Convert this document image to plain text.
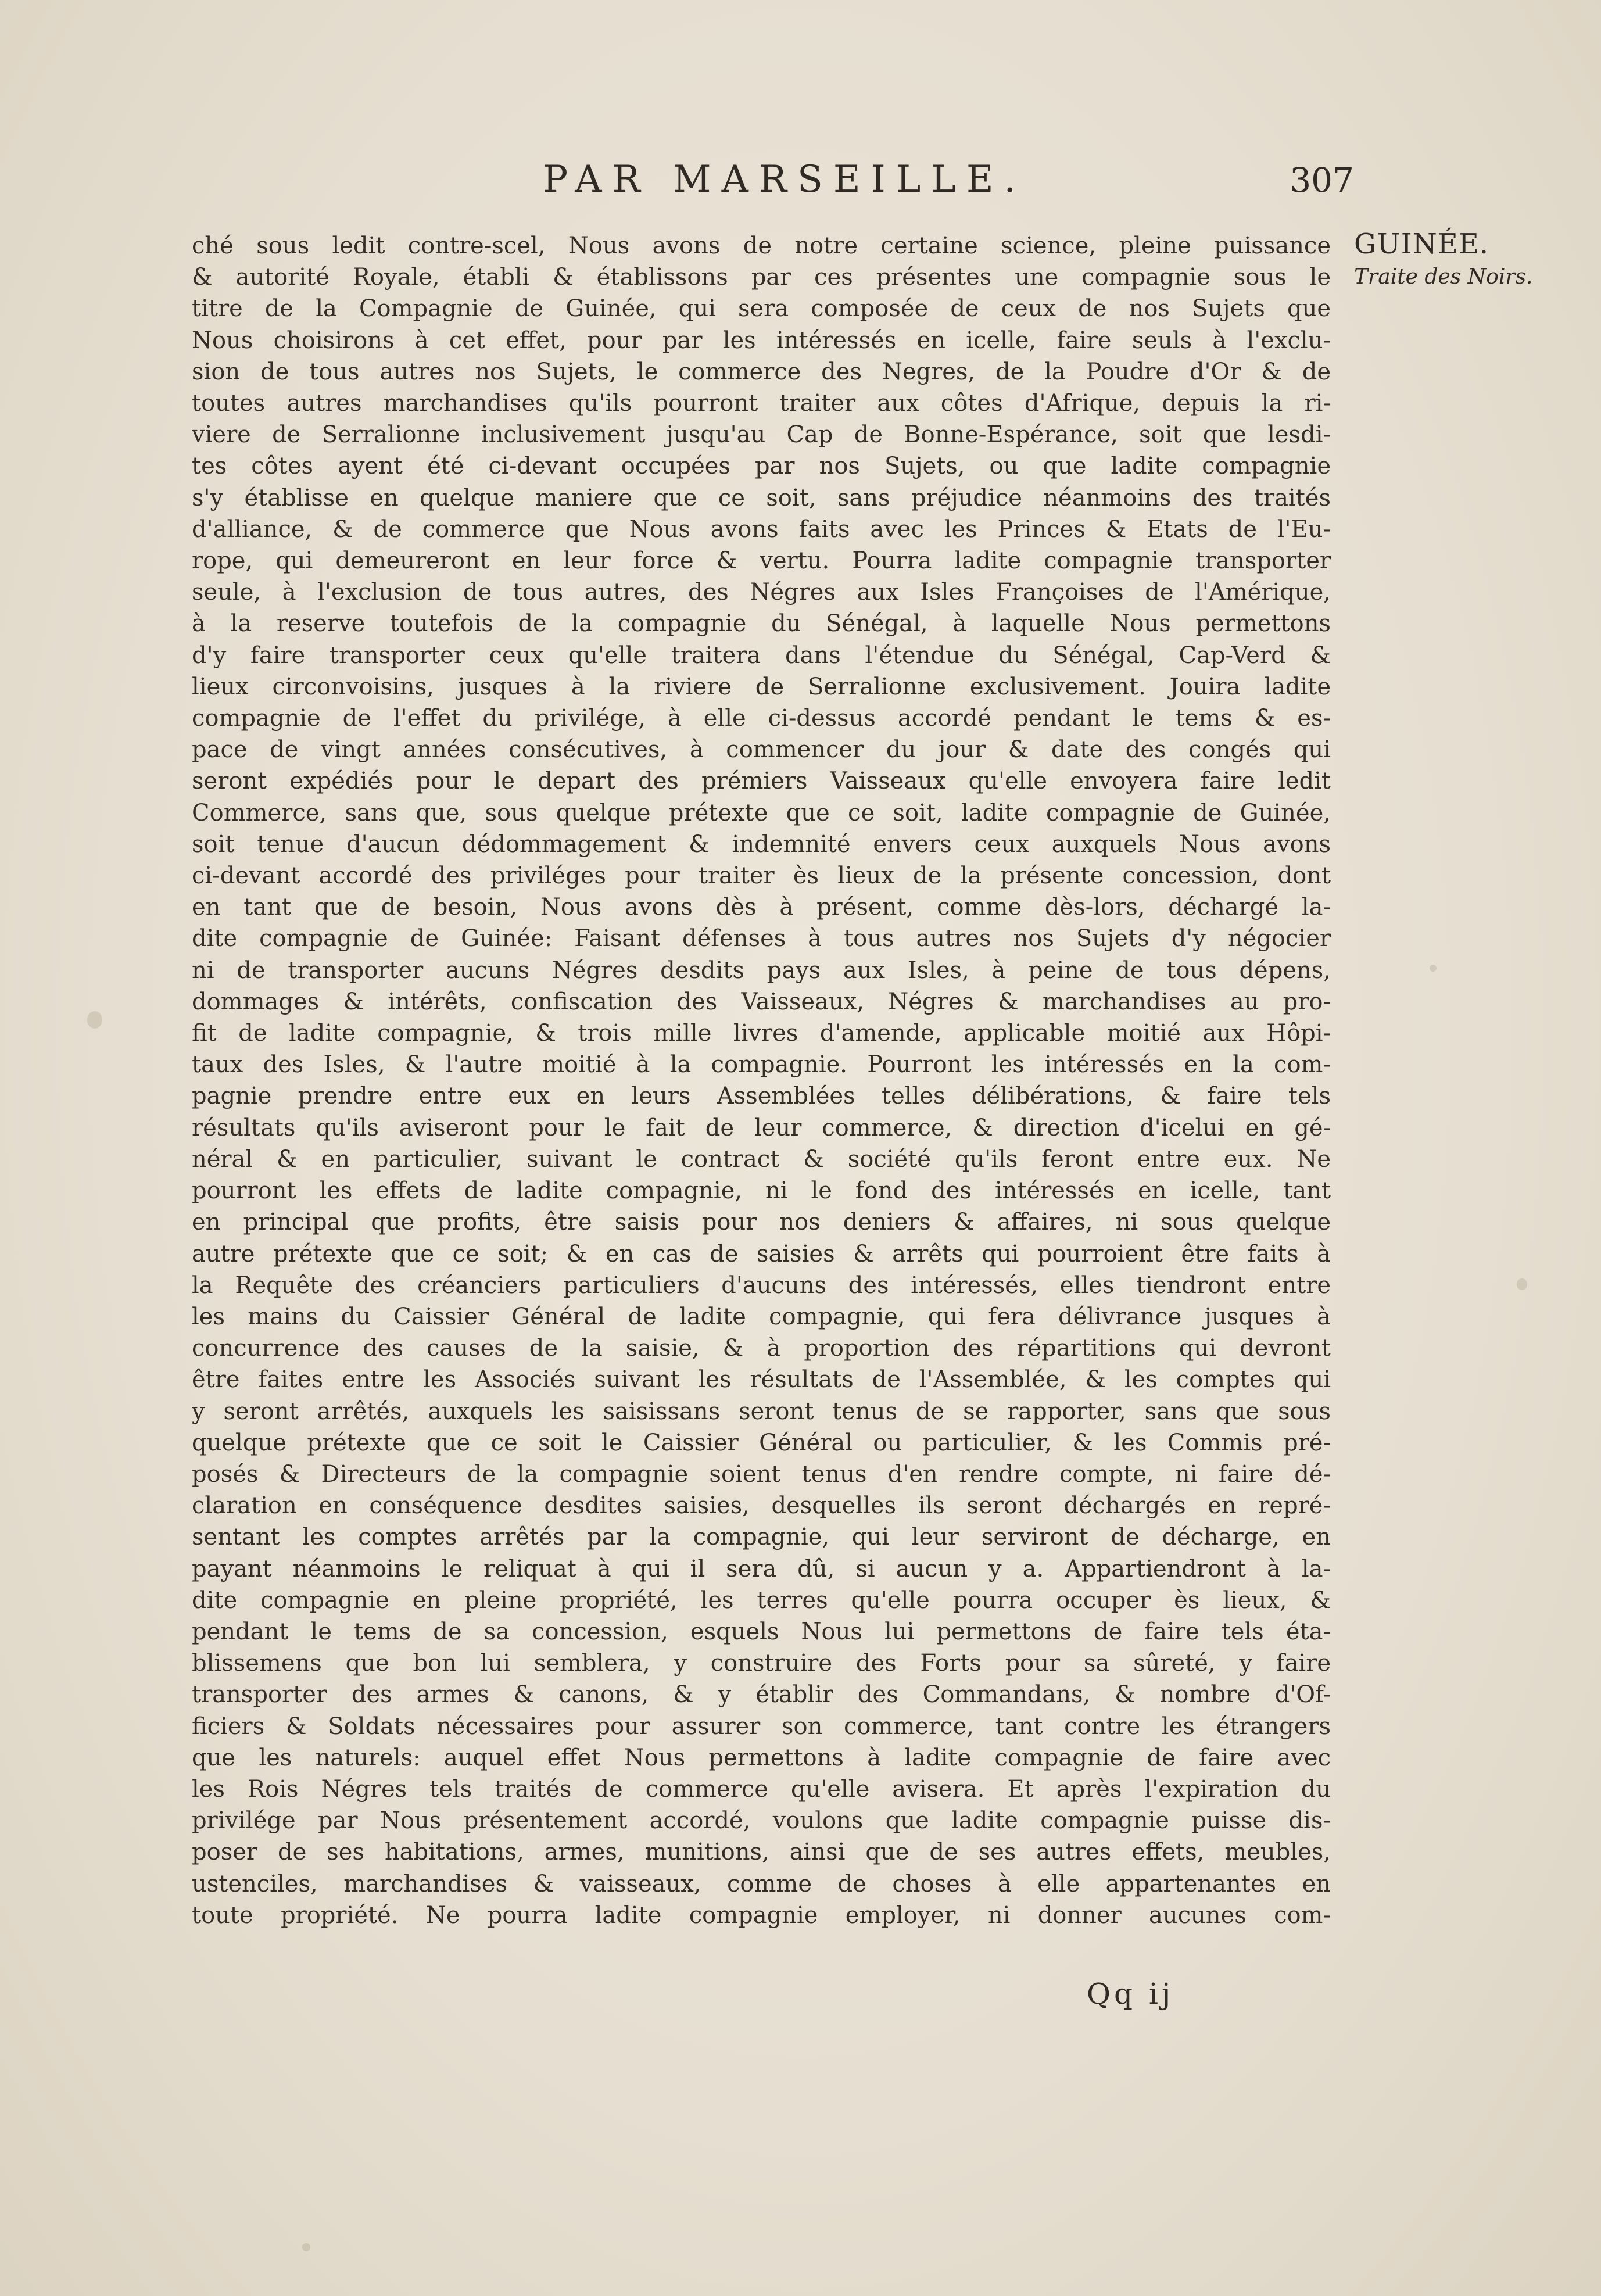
PAR MARSEILLE.	307
GUINÉE.
Traite des Noirs.
ché sous ledit contre-scel, Nous avons de notre certaine science, pleine puissance
& autorité Royale, établi & établissons par ces présentes une compagnie sous le
titre de la Compagnie de Guinée, qui sera composée de ceux de nos Sujets que
Nous choisirons à cet effet, pour par les intéressés en icelle, faire seuls à l'exclu-
sion de tous autres nos Sujets, le commerce des Negres, de la Poudre d'Or & de
toutes autres marchandises qu'ils pourront traiter aux côtes d'Afrique, depuis la ri-
viere de Serralionne inclusivement jusqu'au Cap de Bonne-Espérance, soit que lesdi-
tes côtes ayent été ci-devant occupées par nos Sujets, ou que ladite compagnie
s'y établisse en quelque maniere que ce soit, sans préjudice néanmoins des traités
d'alliance, & de commerce que Nous avons faits avec les Princes & Etats de l'Eu-
rope, qui demeureront en leur force & vertu. Pourra ladite compagnie transporter
seule, à l'exclusion de tous autres, des Négres aux Isles Françoises de l'Amérique,
à la reserve toutefois de la compagnie du Sénégal, à laquelle Nous permettons
d'y faire transporter ceux qu'elle traitera dans l'étendue du Sénégal, Cap-Verd &
lieux circonvoisins, jusques à la riviere de Serralionne exclusivement. Jouira ladite
compagnie de l'effet du privilége, à elle ci-dessus accordé pendant le tems & es-
pace de vingt années consécutives, à commencer du jour & date des congés qui
seront expédiés pour le depart des prémiers Vaisseaux qu'elle envoyera faire ledit
Commerce, sans que, sous quelque prétexte que ce soit, ladite compagnie de Guinée,
soit tenue d'aucun dédommagement & indemnité envers ceux auxquels Nous avons
ci-devant accordé des priviléges pour traiter ès lieux de la présente concession, dont
en tant que de besoin, Nous avons dès à présent, comme dès-lors, déchargé la-
dite compagnie de Guinée: Faisant défenses à tous autres nos Sujets d'y négocier
ni de transporter aucuns Négres desdits pays aux Isles, à peine de tous dépens,
dommages & intérêts, confiscation des Vaisseaux, Négres & marchandises au pro-
fit de ladite compagnie, & trois mille livres d'amende, applicable moitié aux Hôpi-
taux des Isles, & l'autre moitié à la compagnie. Pourront les intéressés en la com-
pagnie prendre entre eux en leurs Assemblées telles délibérations, & faire tels
résultats qu'ils aviseront pour le fait de leur commerce, & direction d'icelui en gé-
néral & en particulier, suivant le contract & société qu'ils feront entre eux. Ne
pourront les effets de ladite compagnie, ni le fond des intéressés en icelle, tant
en principal que profits, être saisis pour nos deniers & affaires, ni sous quelque
autre prétexte que ce soit; & en cas de saisies & arrêts qui pourroient être faits à
la Requête des créanciers particuliers d'aucuns des intéressés, elles tiendront entre
les mains du Caissier Général de ladite compagnie, qui fera délivrance jusques à
concurrence des causes de la saisie, & à proportion des répartitions qui devront
être faites entre les Associés suivant les résultats de l'Assemblée, & les comptes qui
y seront arrêtés, auxquels les saisissans seront tenus de se rapporter, sans que sous
quelque prétexte que ce soit le Caissier Général ou particulier, & les Commis pré-
posés & Directeurs de la compagnie soient tenus d'en rendre compte, ni faire dé-
claration en conséquence desdites saisies, desquelles ils seront déchargés en repré-
sentant les comptes arrêtés par la compagnie, qui leur serviront de décharge, en
payant néanmoins le reliquat à qui il sera dû, si aucun y a. Appartiendront à la-
dite compagnie en pleine propriété, les terres qu'elle pourra occuper ès lieux, &
pendant le tems de sa concession, esquels Nous lui permettons de faire tels éta-
blissemens que bon lui semblera, y construire des Forts pour sa sûreté, y faire
transporter des armes & canons, & y établir des Commandans, & nombre d'Of-
ficiers & Soldats nécessaires pour assurer son commerce, tant contre les étrangers
que les naturels: auquel effet Nous permettons à ladite compagnie de faire avec
les Rois Négres tels traités de commerce qu'elle avisera. Et après l'expiration du
privilége par Nous présentement accordé, voulons que ladite compagnie puisse dis-
poser de ses habitations, armes, munitions, ainsi que de ses autres effets, meubles,
ustenciles, marchandises & vaisseaux, comme de choses à elle appartenantes en
toute propriété. Ne pourra ladite compagnie employer, ni donner aucunes com-
Qq ij
